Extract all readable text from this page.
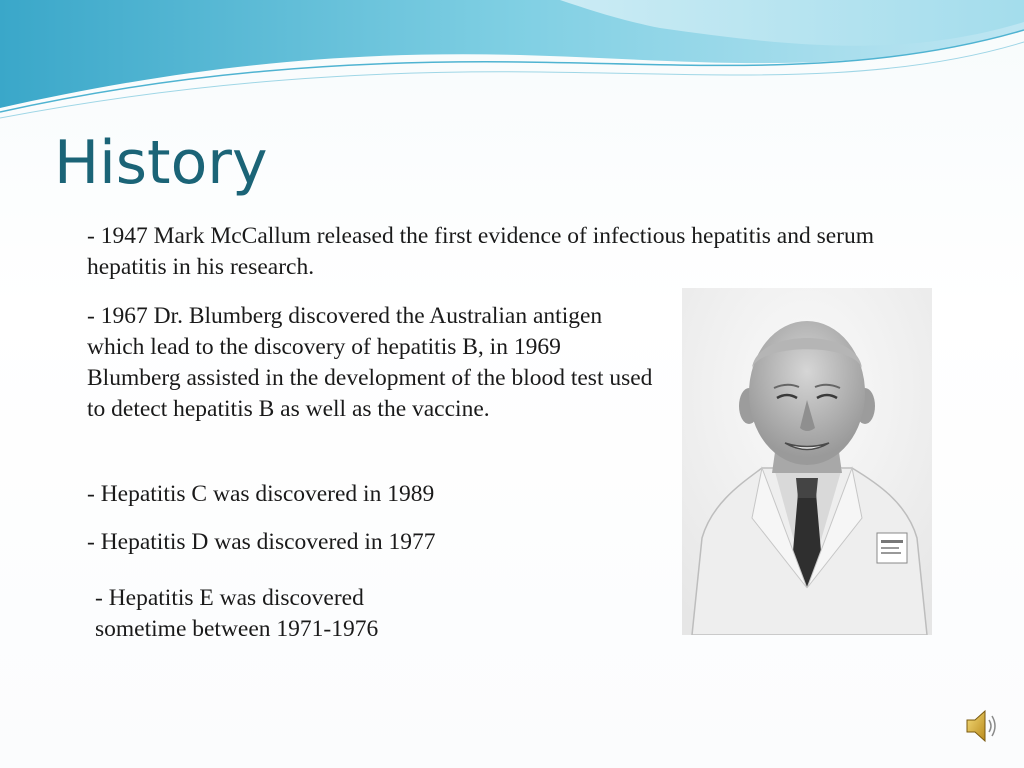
History

- 1947 Mark McCallum released the first evidence of infectious hepatitis and serum hepatitis in his research.

- 1967 Dr. Blumberg discovered the Australian antigen which lead to the discovery of hepatitis B, in 1969 Blumberg assisted in the development of the blood test used to detect hepatitis B as well as the vaccine.

- Hepatitis C was discovered in 1989

- Hepatitis D was discovered in 1977

- Hepatitis E was discovered sometime between 1971-1976
